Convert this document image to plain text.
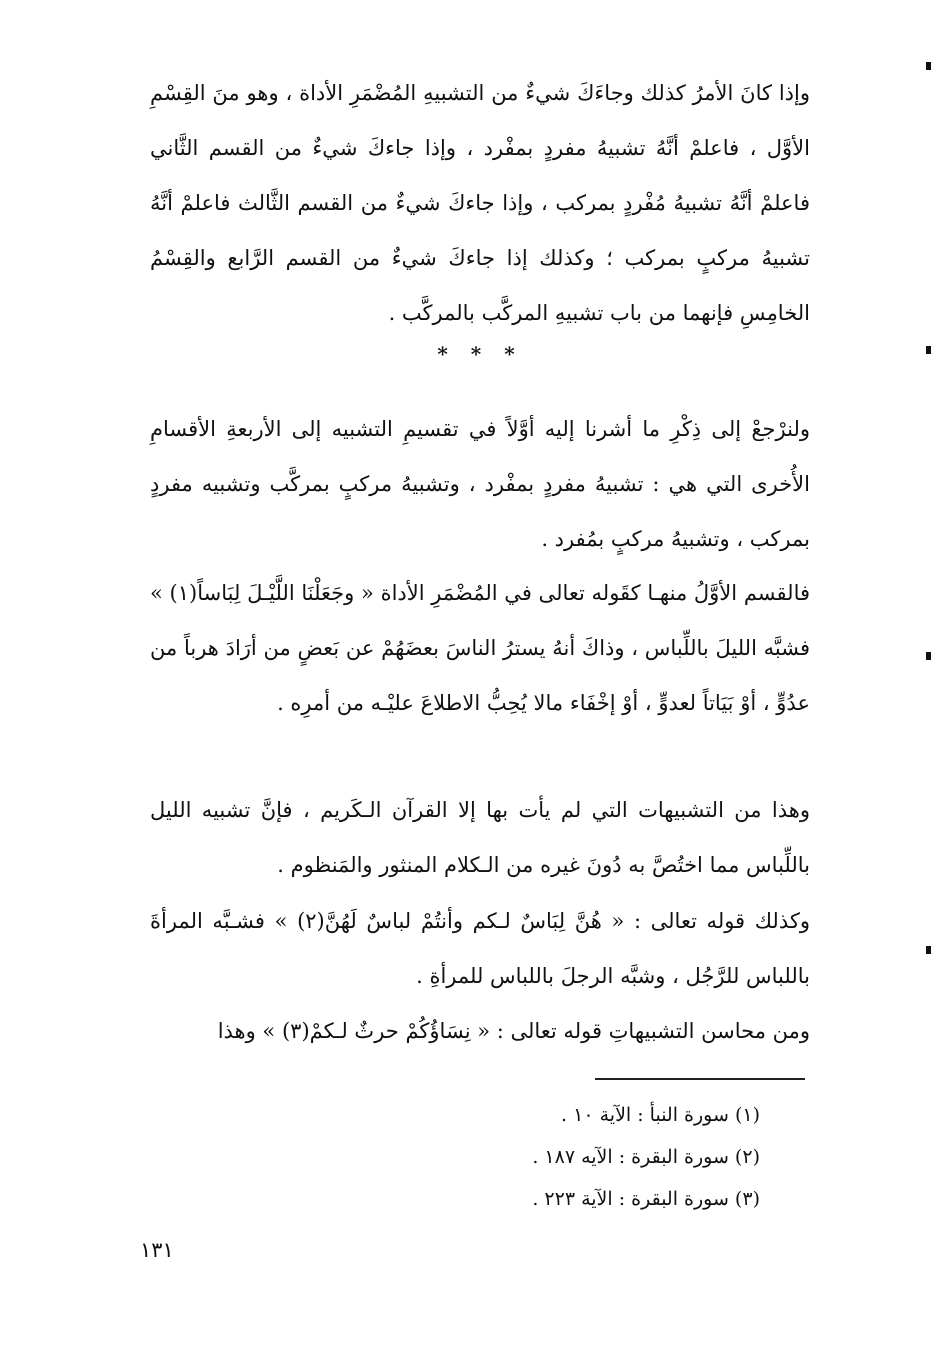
وإذا كانَ الأمرُ كذلك وجاءَكَ شيءٌ من التشبيهِ المُضْمَرِ الأداة ، وهو منَ القِسْمِ الأوَّل ، فاعلمْ أنَّهُ تشبيهُ مفردٍ بمفْرد ، وإذا جاءكَ شيءٌ من القسم الثَّاني فاعلمْ أنَّهُ تشبيهُ مُفْردٍ بمركب ، وإذا جاءكَ شيءٌ من القسم الثَّالث فاعلمْ أنَّهُ تشبيهُ مركبٍ بمركب ؛ وكذلك إذا جاءكَ شيءٌ من القسم الرَّابع والقِسْمُ الخامِسِ فإنهما من باب تشبيهِ المركَّب بالمركَّب .

* * *

ولنرْجعْ إلى ذِكْرِ ما أشرنا إليه أوَّلاً في تقسيمِ التشبيه إلى الأربعةِ الأقسامِ الأُخرى التي هي : تشبيهُ مفردٍ بمفْرد ، وتشبيهُ مركبٍ بمركَّب وتشبيه مفردٍ بمركب ، وتشبيهُ مركبٍ بمُفرد .

فالقسم الأوَّلُ منهـا كقَوله تعالى في المُضْمَرِ الأداة « وجَعَلْنَا اللَّيْـلَ لِبَاساً(١) » فشبَّه الليلَ باللِّباس ، وذاكَ أنهُ يسترُ الناسَ بعضَهُمْ عن بَعضٍ من أرَادَ هرباً من عدُوٍّ ، أوْ بَيَاتاً لعدوٍّ ، أوْ إخْفَاء مالا يُحِبُّ الاطلاعَ عليْـه من أمرِه .

وهذا من التشبيهات التي لم يأت بها إلا القرآن الـكَريم ، فإنَّ تشبيه الليل باللِّباس مما اختُصَّ به دُونَ غيره من الـكلام المنثور والمَنظوم .

وكذلك قوله تعالى : « هُنَّ لِبَاسٌ لـكم وأنتُمْ لباسٌ لَهُنَّ(٢) » فشـبَّه المرأةَ باللباس للرَّجُل ، وشبَّه الرجلَ باللباس للمرأةِ .

ومن محاسن التشبيهاتِ قوله تعالى : « نِسَاؤُكُمْ حرثٌ لـكمْ(٣) » وهذا

(١) سورة النبأ : الآية ١٠ .

(٢) سورة البقرة : الآيه ١٨٧ .

(٣) سورة البقرة : الآية ٢٢٣ .

١٣١
